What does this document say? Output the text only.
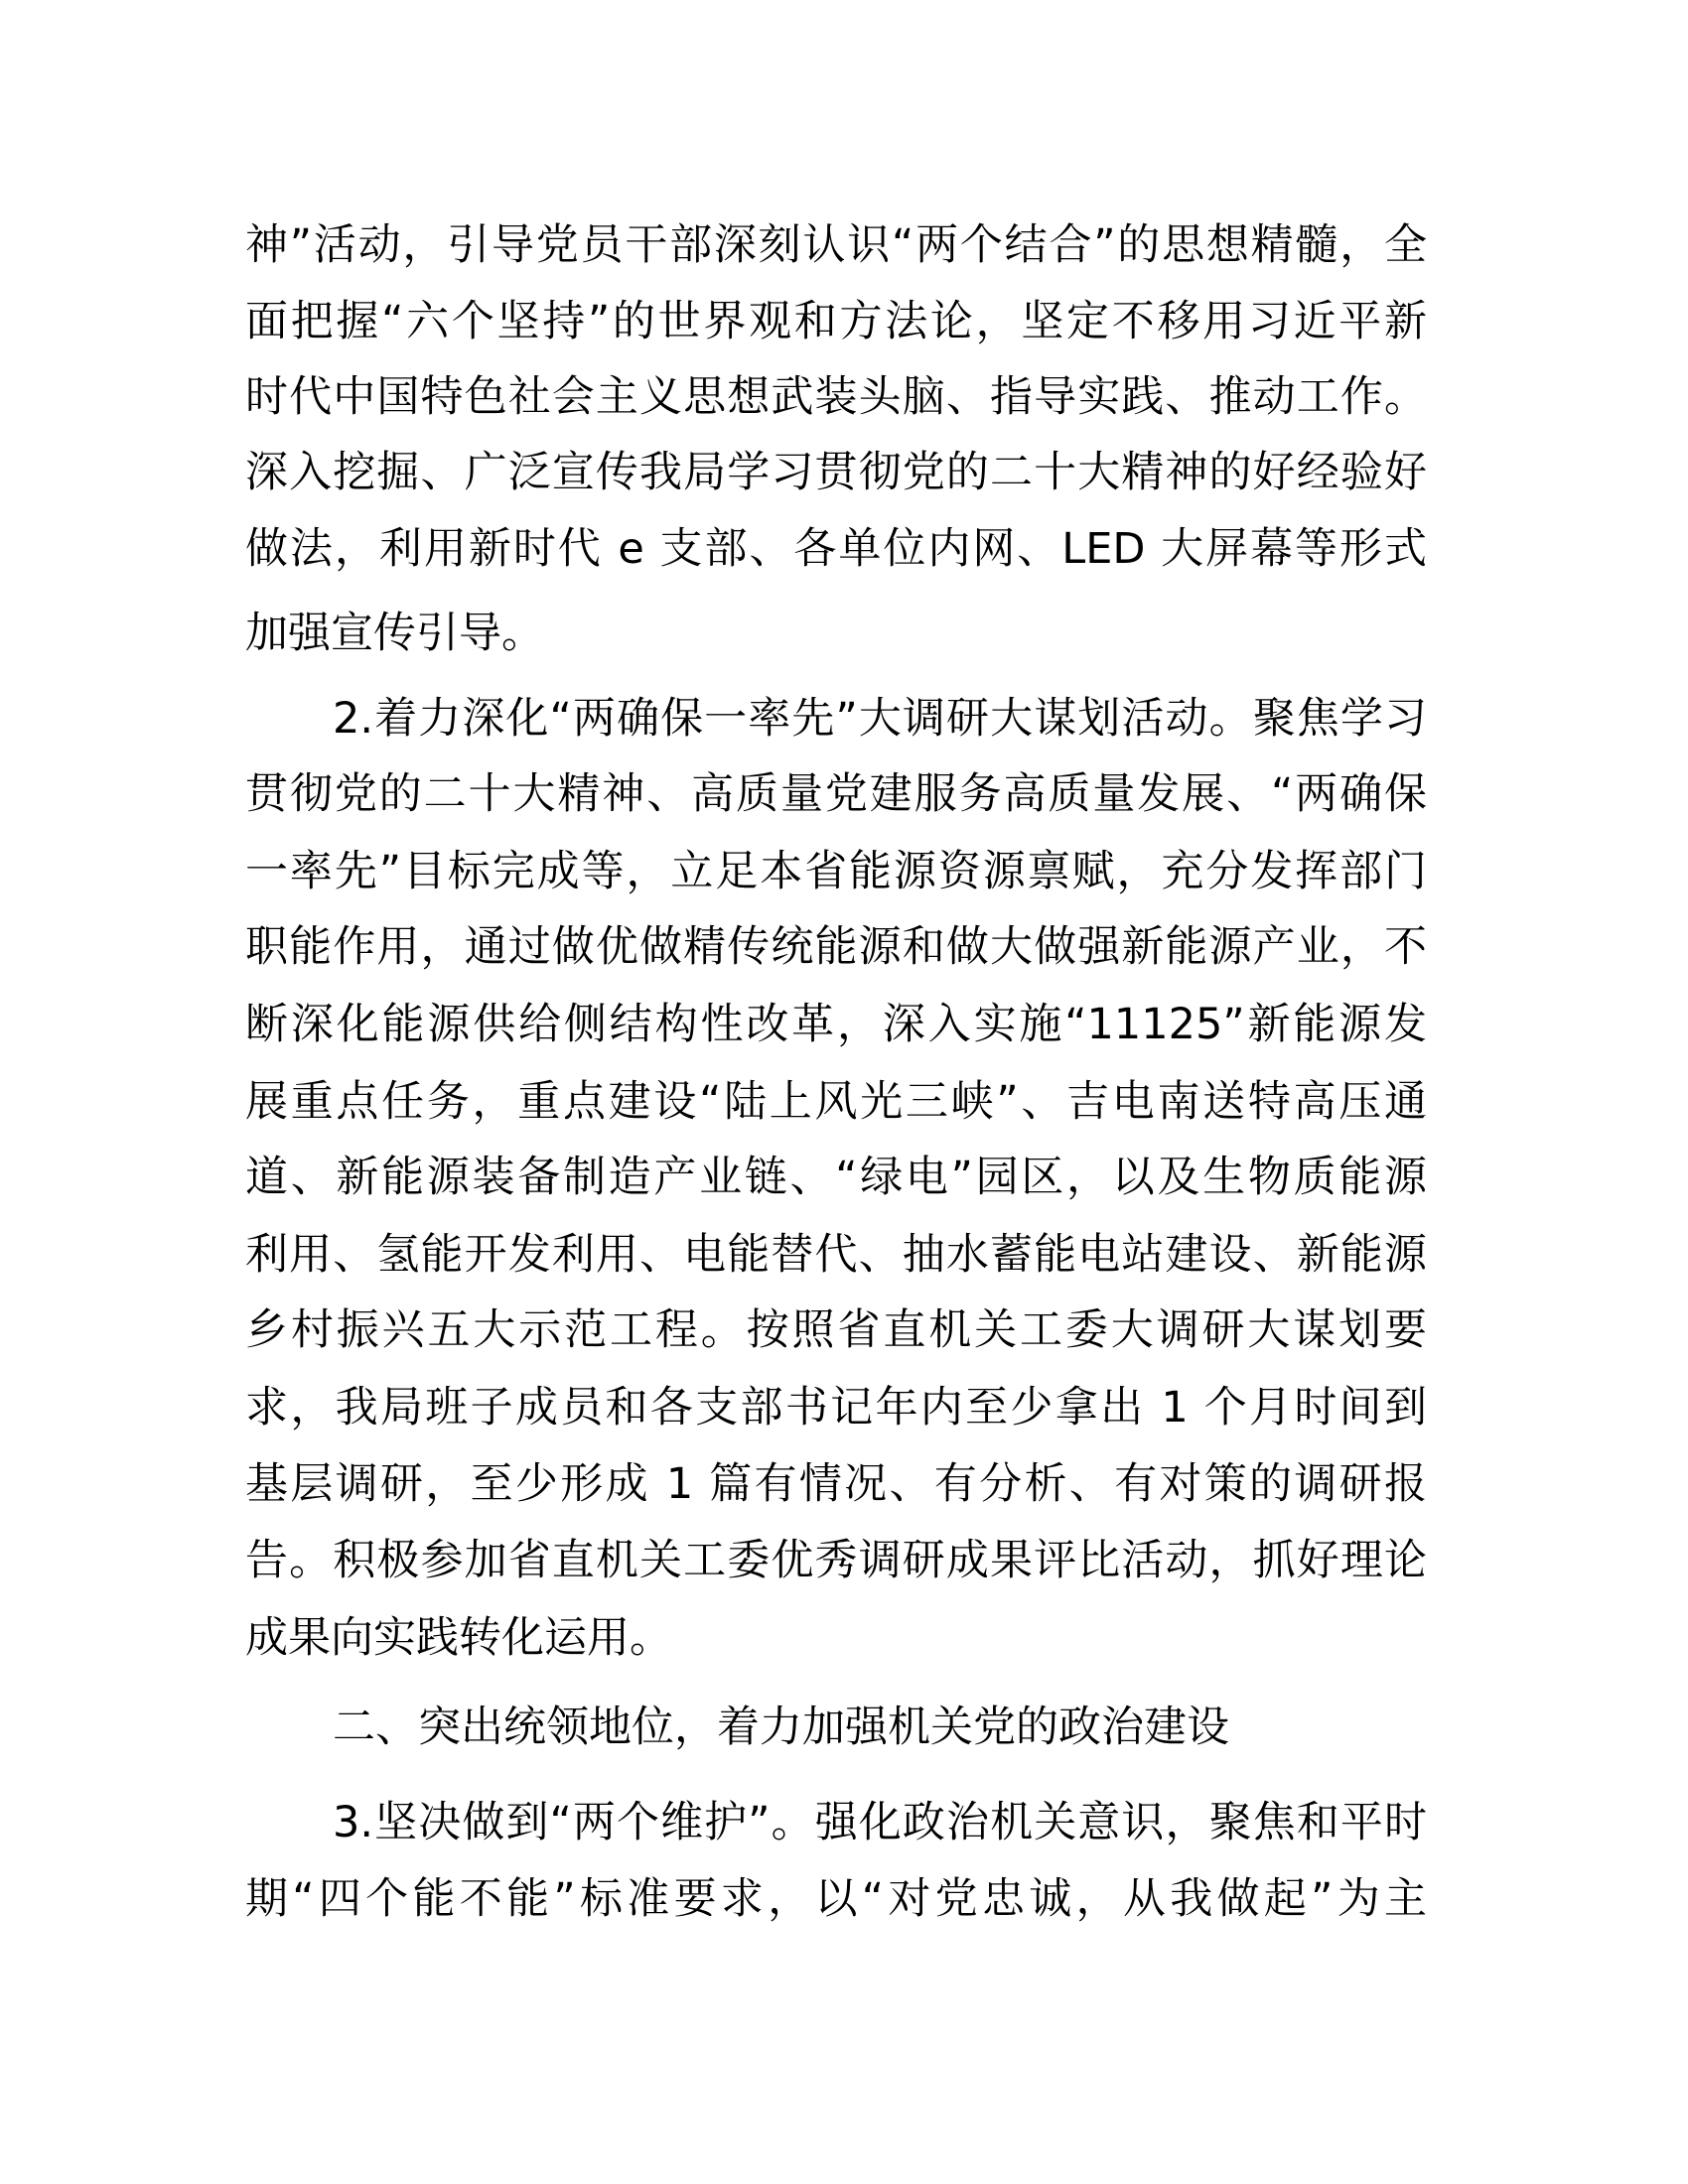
神”活动，引导党员干部深刻认识“两个结合”的思想精髓，全
面把握“六个坚持”的世界观和方法论，坚定不移用习近平新
时代中国特色社会主义思想武装头脑、指导实践、推动工作。
深入挖掘、广泛宣传我局学习贯彻党的二十大精神的好经验好
做法，利用新时代 e 支部、各单位内网、LED 大屏幕等形式
加强宣传引导。
2.着力深化“两确保一率先”大调研大谋划活动。聚焦学习
贯彻党的二十大精神、高质量党建服务高质量发展、“两确保
一率先”目标完成等，立足本省能源资源禀赋，充分发挥部门
职能作用，通过做优做精传统能源和做大做强新能源产业，不
断深化能源供给侧结构性改革，深入实施“11125”新能源发
展重点任务，重点建设“陆上风光三峡”、吉电南送特高压通
道、新能源装备制造产业链、“绿电”园区，以及生物质能源
利用、氢能开发利用、电能替代、抽水蓄能电站建设、新能源
乡村振兴五大示范工程。按照省直机关工委大调研大谋划要
求，我局班子成员和各支部书记年内至少拿出 1 个月时间到
基层调研，至少形成 1 篇有情况、有分析、有对策的调研报
告。积极参加省直机关工委优秀调研成果评比活动，抓好理论
成果向实践转化运用。
二、突出统领地位，着力加强机关党的政治建设
3.坚决做到“两个维护”。强化政治机关意识，聚焦和平时
期“四个能不能”标准要求，以“对党忠诚，从我做起”为主
